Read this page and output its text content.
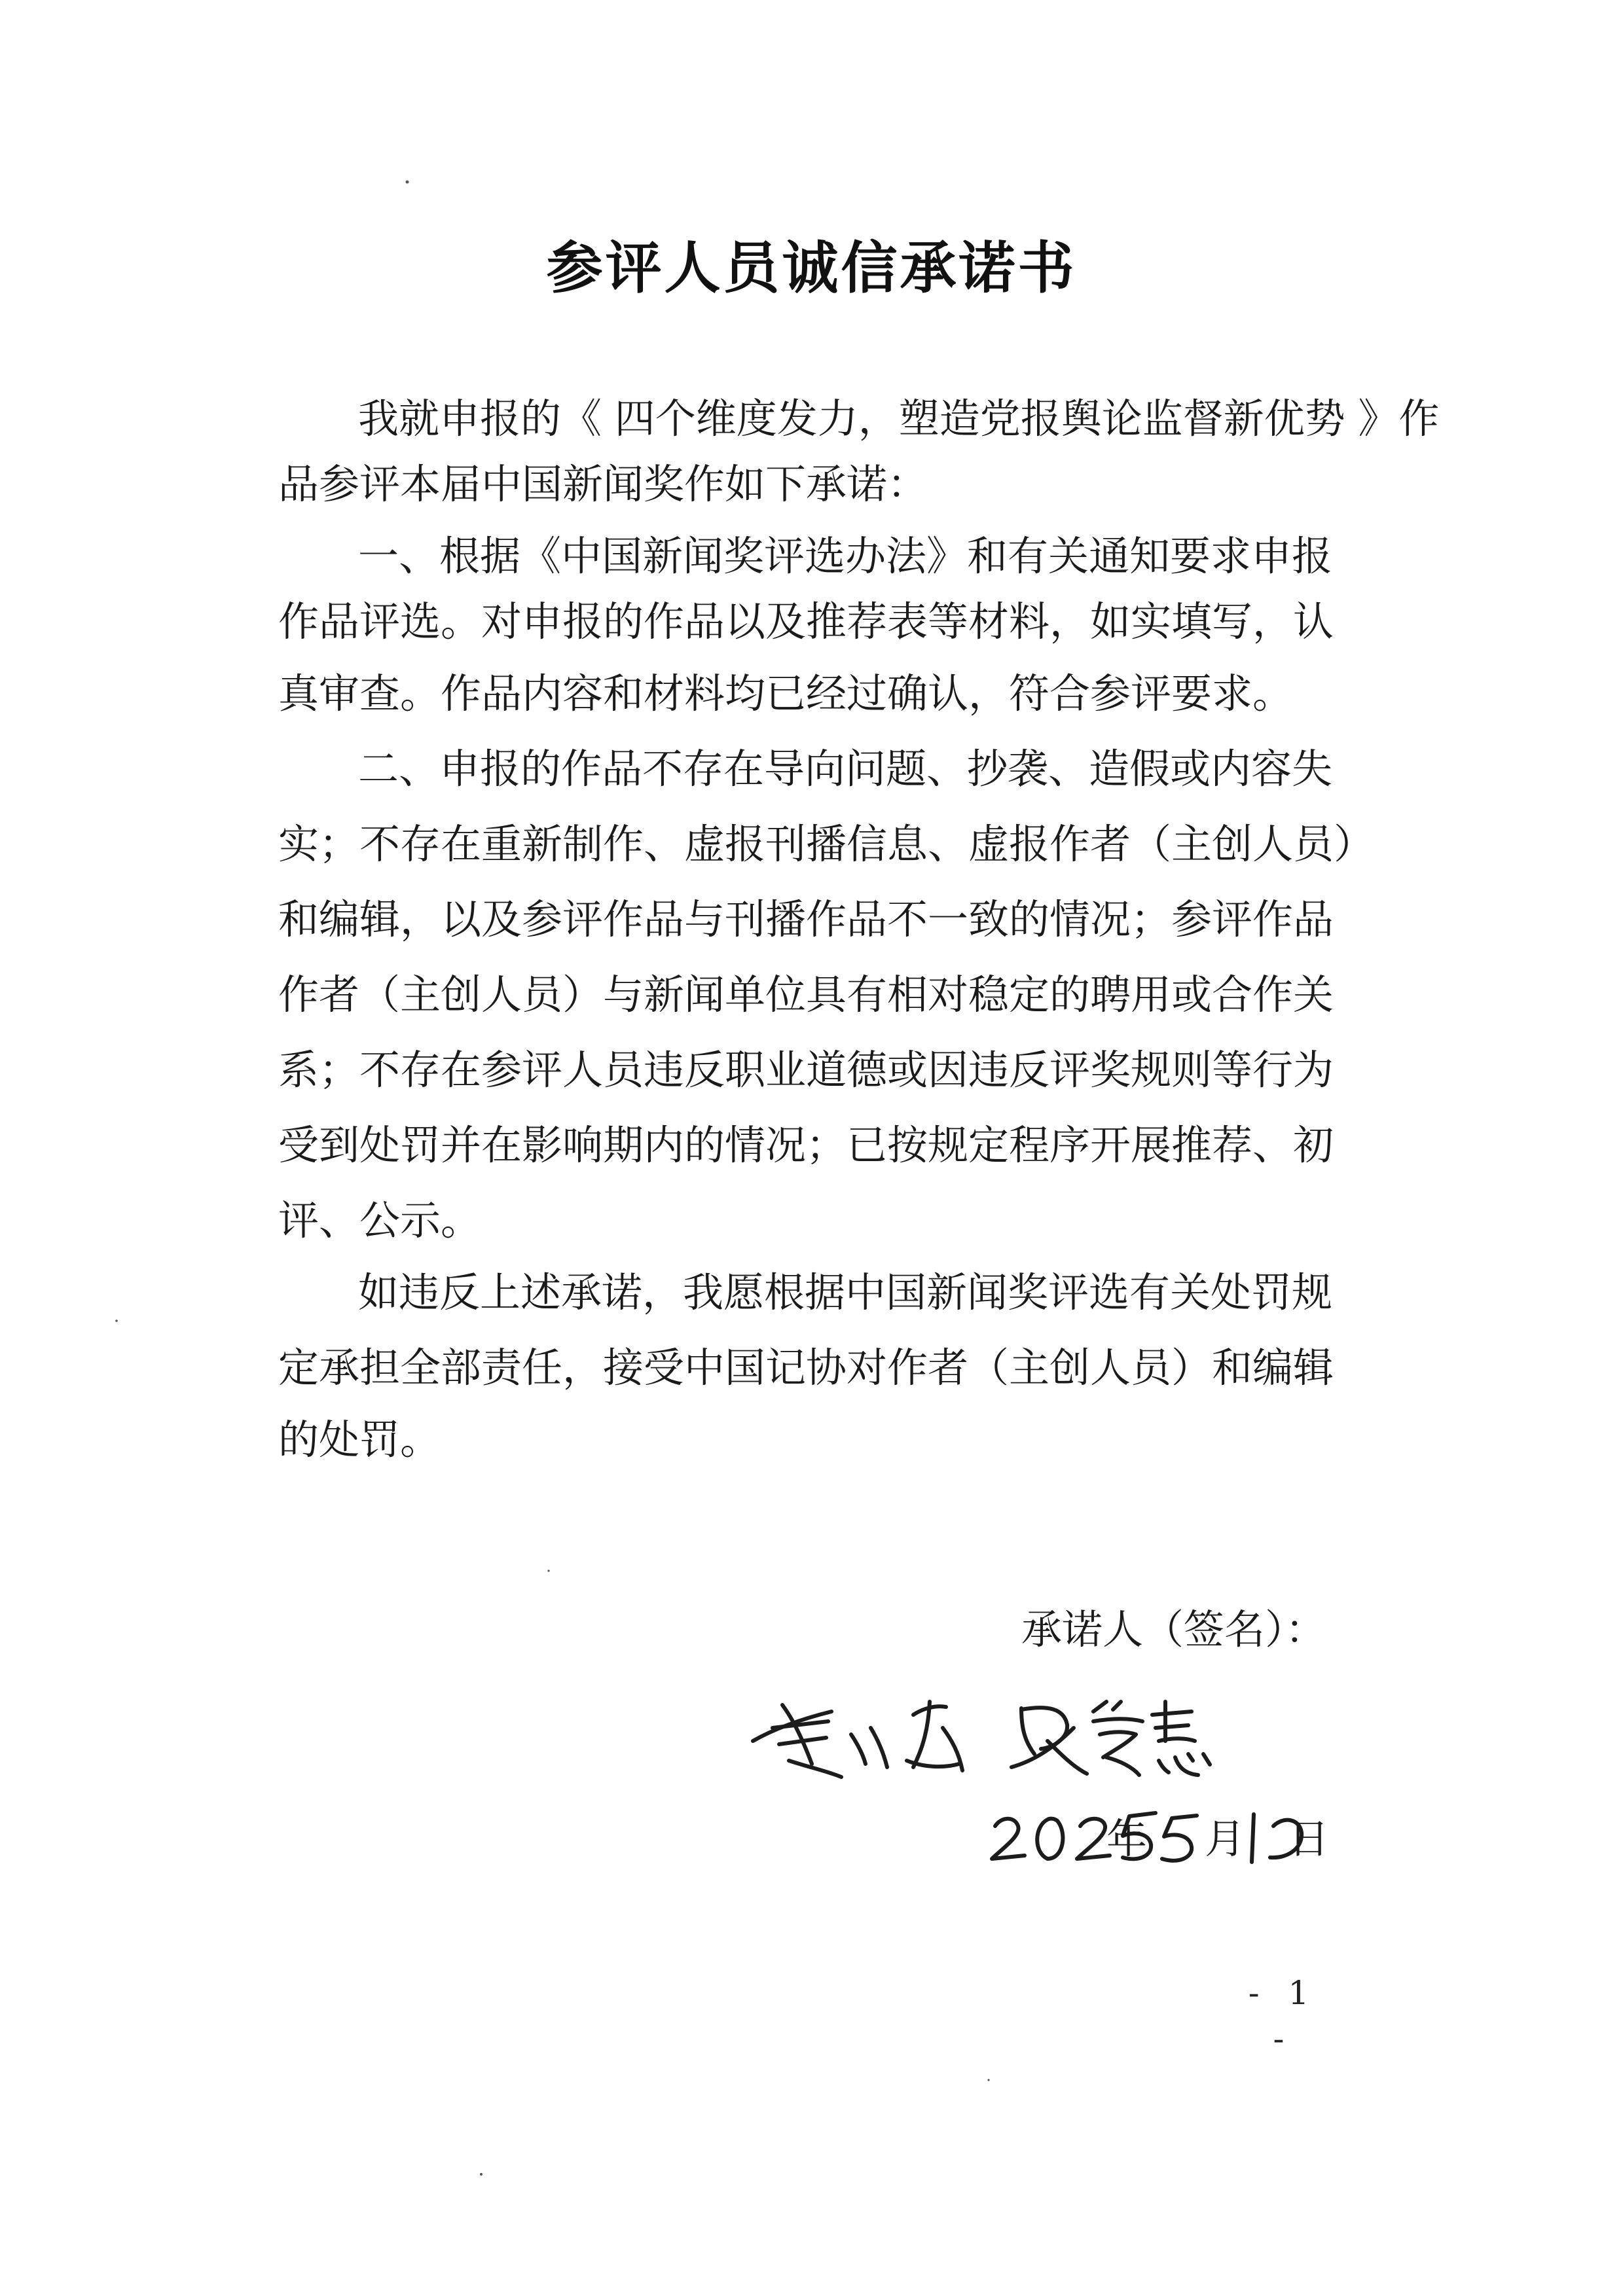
参评人员诚信承诺书
我就申报的《 四个维度发力，塑造党报舆论监督新优势 》作
品参评本届中国新闻奖作如下承诺：
一、根据《中国新闻奖评选办法》和有关通知要求申报
作品评选。对申报的作品以及推荐表等材料，如实填写，认
真审查。作品内容和材料均已经过确认，符合参评要求。
二、申报的作品不存在导向问题、抄袭、造假或内容失
实；不存在重新制作、虚报刊播信息、虚报作者（主创人员）
和编辑，以及参评作品与刊播作品不一致的情况；参评作品
作者（主创人员）与新闻单位具有相对稳定的聘用或合作关
系；不存在参评人员违反职业道德或因违反评奖规则等行为
受到处罚并在影响期内的情况；已按规定程序开展推荐、初
评、公示。
如违反上述承诺，我愿根据中国新闻奖评选有关处罚规
定承担全部责任，接受中国记协对作者（主创人员）和编辑
的处罚。
承诺人（签名）：
年 月 日
- 1 -
